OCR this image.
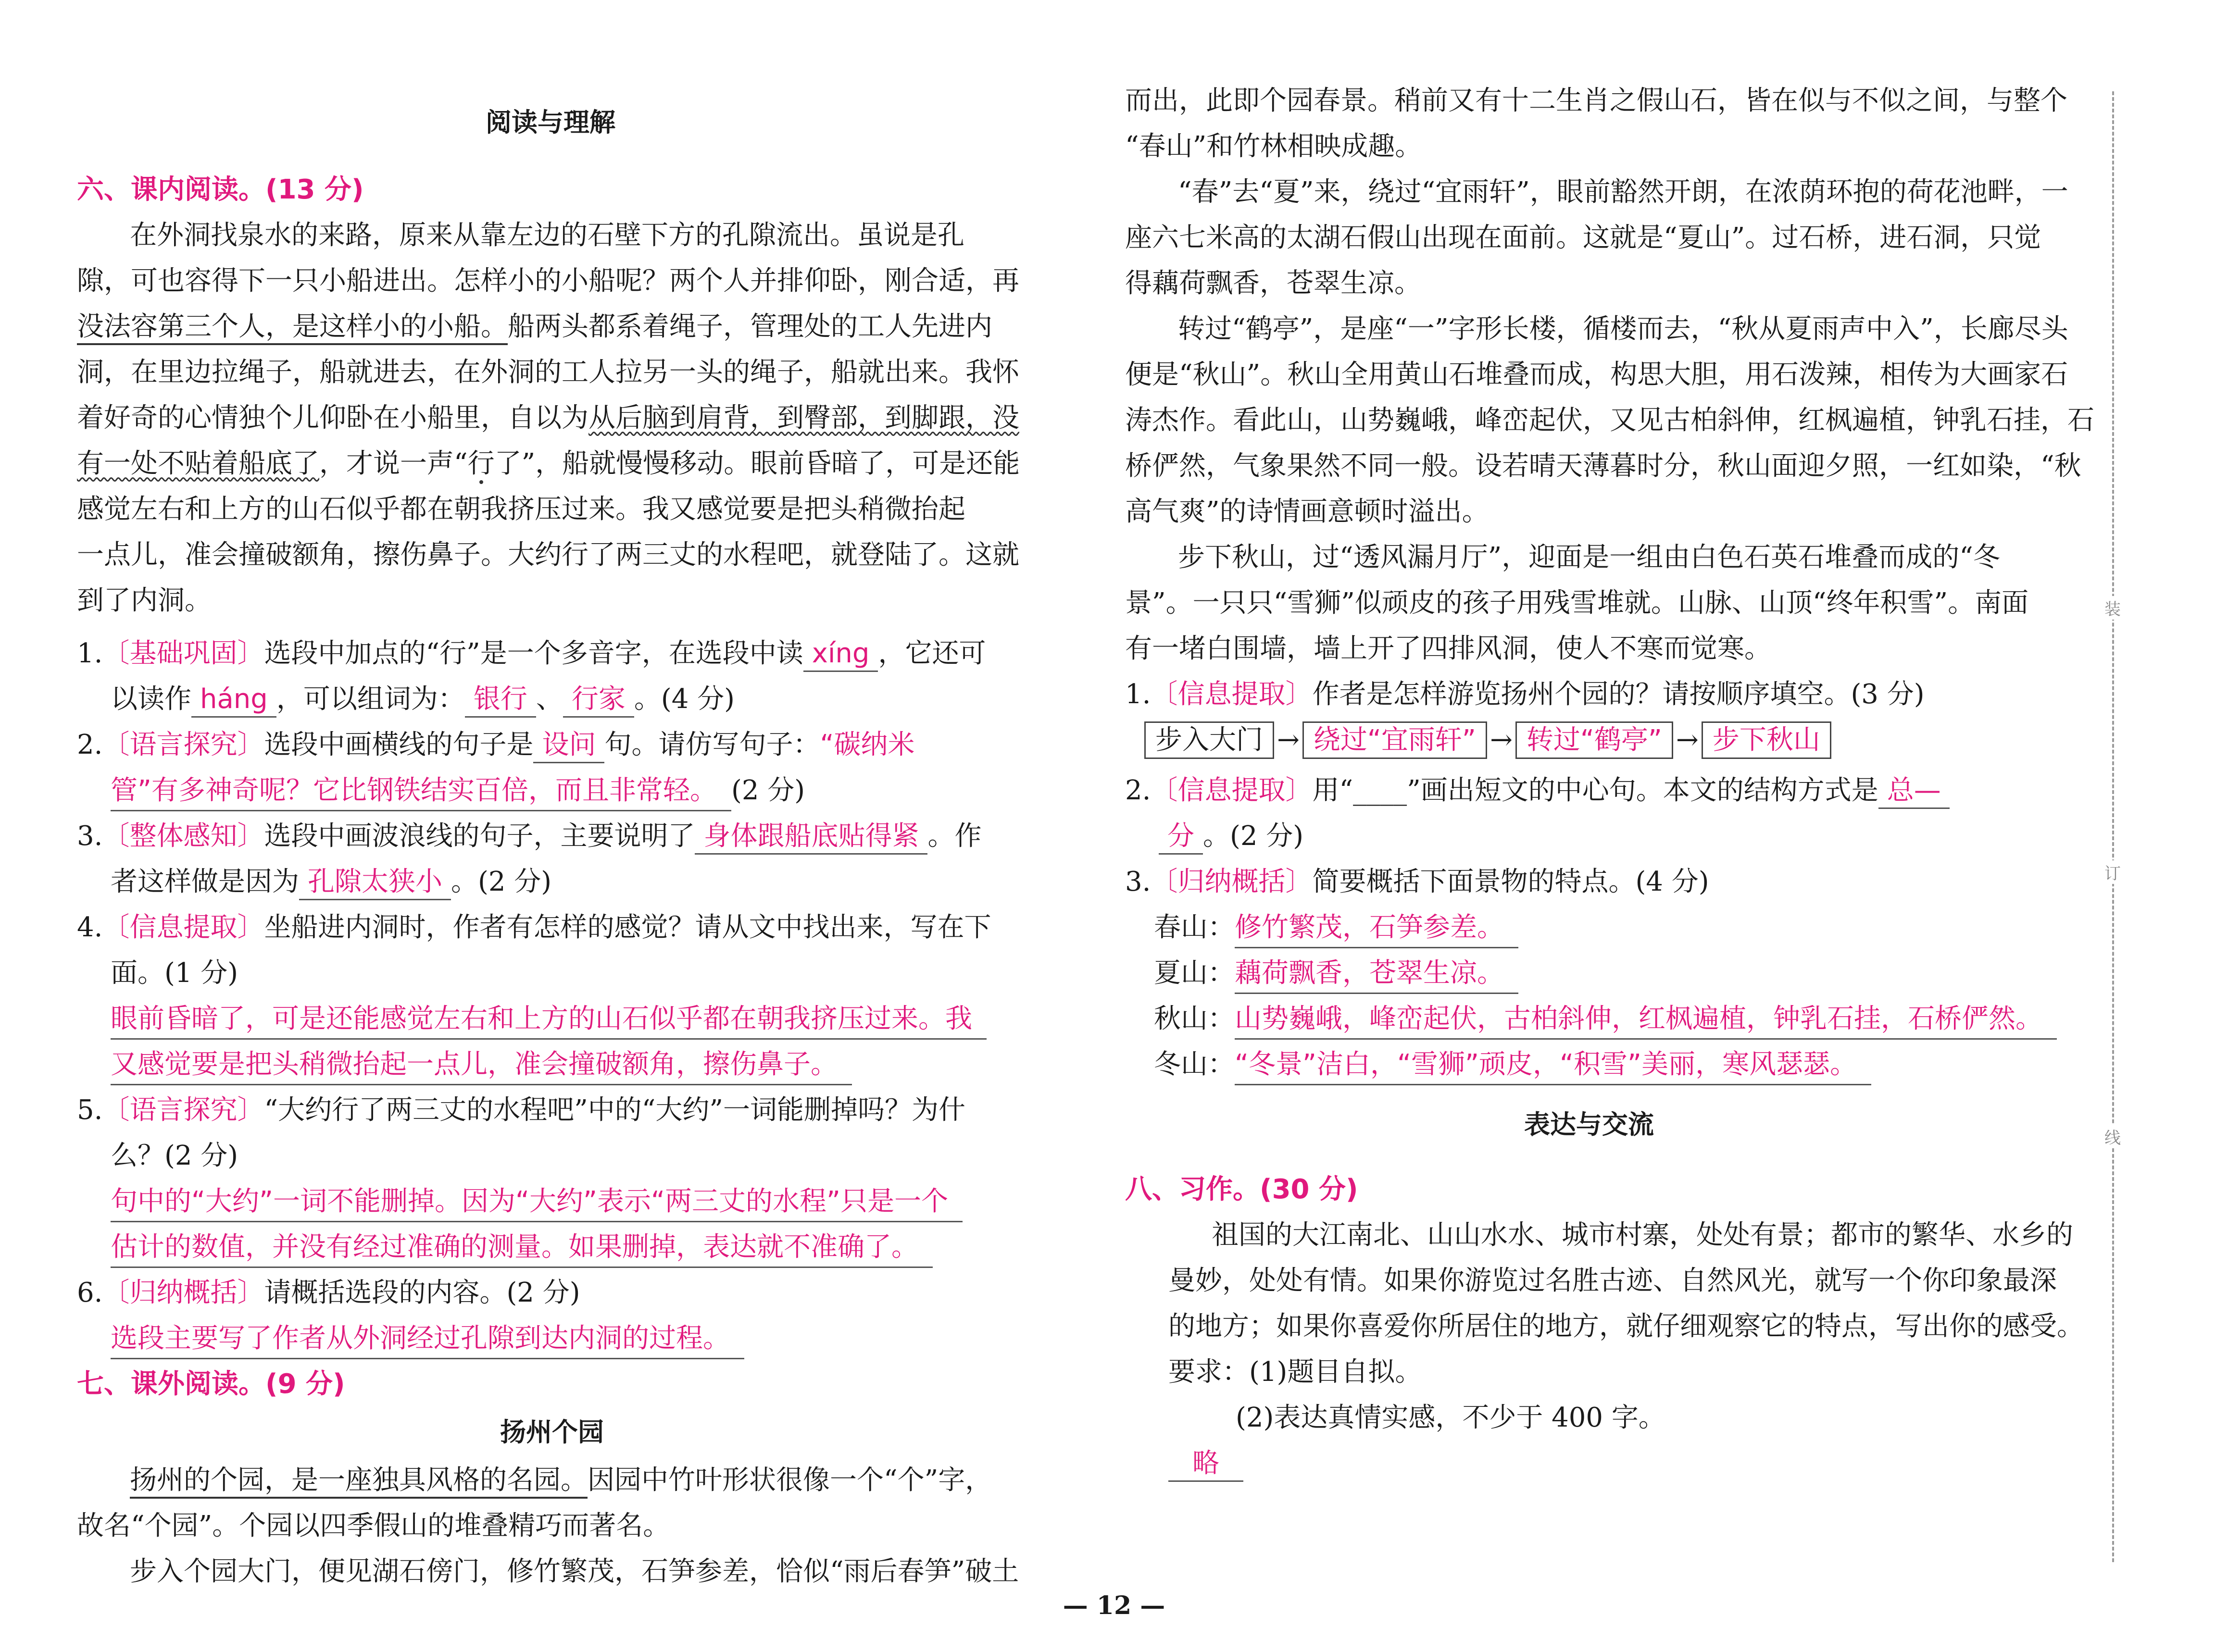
阅读与理解
六、课内阅读。(13 分)
在外洞找泉水的来路，原来从靠左边的石壁下方的孔隙流出。虽说是孔
隙，可也容得下一只小船进出。怎样小的小船呢？两个人并排仰卧，刚合适，再
没法容第三个人，是这样小的小船。船两头都系着绳子，管理处的工人先进内
洞，在里边拉绳子，船就进去，在外洞的工人拉另一头的绳子，船就出来。我怀
着好奇的心情独个儿仰卧在小船里，自以为从后脑到肩背，到臀部，到脚跟，没
有一处不贴着船底了，才说一声“行了”，船就慢慢移动。眼前昏暗了，可是还能
感觉左右和上方的山石似乎都在朝我挤压过来。我又感觉要是把头稍微抬起
一点儿，准会撞破额角，擦伤鼻子。大约行了两三丈的水程吧，就登陆了。这就
到了内洞。
1.〔基础巩固〕选段中加点的“行”是一个多音字，在选段中读 xíng ，它还可
以读作 háng ，可以组词为： 银行 、 行家 。(4 分)
2.〔语言探究〕选段中画横线的句子是 设问 句。请仿写句子：“碳纳米
管”有多神奇呢？它比钢铁结实百倍，而且非常轻。 (2 分)
3.〔整体感知〕选段中画波浪线的句子，主要说明了 身体跟船底贴得紧 。作
者这样做是因为 孔隙太狭小 。(2 分)
4.〔信息提取〕坐船进内洞时，作者有怎样的感觉？请从文中找出来，写在下
面。(1 分)
眼前昏暗了，可是还能感觉左右和上方的山石似乎都在朝我挤压过来。我
又感觉要是把头稍微抬起一点儿，准会撞破额角，擦伤鼻子。
5.〔语言探究〕“大约行了两三丈的水程吧”中的“大约”一词能删掉吗？为什
么？(2 分)
句中的“大约”一词不能删掉。因为“大约”表示“两三丈的水程”只是一个
估计的数值，并没有经过准确的测量。如果删掉，表达就不准确了。
6.〔归纳概括〕请概括选段的内容。(2 分)
选段主要写了作者从外洞经过孔隙到达内洞的过程。
七、课外阅读。(9 分)
扬州个园
扬州的个园，是一座独具风格的名园。因园中竹叶形状很像一个“个”字，
故名“个园”。个园以四季假山的堆叠精巧而著名。
步入个园大门，便见湖石傍门，修竹繁茂，石笋参差，恰似“雨后春笋”破土
而出，此即个园春景。稍前又有十二生肖之假山石，皆在似与不似之间，与整个
“春山”和竹林相映成趣。
“春”去“夏”来，绕过“宜雨轩”，眼前豁然开朗，在浓荫环抱的荷花池畔，一
座六七米高的太湖石假山出现在面前。这就是“夏山”。过石桥，进石洞，只觉
得藕荷飘香，苍翠生凉。
转过“鹤亭”，是座“一”字形长楼，循楼而去，“秋从夏雨声中入”，长廊尽头
便是“秋山”。秋山全用黄山石堆叠而成，构思大胆，用石泼辣，相传为大画家石
涛杰作。看此山，山势巍峨，峰峦起伏，又见古柏斜伸，红枫遍植，钟乳石挂，石
桥俨然，气象果然不同一般。设若晴天薄暮时分，秋山面迎夕照，一红如染，“秋
高气爽”的诗情画意顿时溢出。
步下秋山，过“透风漏月厅”，迎面是一组由白色石英石堆叠而成的“冬
景”。一只只“雪狮”似顽皮的孩子用残雪堆就。山脉、山顶“终年积雪”。南面
有一堵白围墙，墙上开了四排风洞，使人不寒而觉寒。
1.〔信息提取〕作者是怎样游览扬州个园的？请按顺序填空。(3 分)
步入大门 → 绕过“宜雨轩” → 转过“鹤亭” → 步下秋山
2.〔信息提取〕用“____”画出短文的中心句。本文的结构方式是 总—
分 。(2 分)
3.〔归纳概括〕简要概括下面景物的特点。(4 分)
春山：修竹繁茂，石笋参差。
夏山：藕荷飘香，苍翠生凉。
秋山：山势巍峨，峰峦起伏，古柏斜伸，红枫遍植，钟乳石挂，石桥俨然。
冬山：“冬景”洁白，“雪狮”顽皮，“积雪”美丽，寒风瑟瑟。
表达与交流
八、习作。(30 分)
祖国的大江南北、山山水水、城市村寨，处处有景；都市的繁华、水乡的
曼妙，处处有情。如果你游览过名胜古迹、自然风光，就写一个你印象最深
的地方；如果你喜爱你所居住的地方，就仔细观察它的特点，写出你的感受。
要求：(1)题目自拟。
(2)表达真情实感，不少于 400 字。
略
装
订
线
— 12 —
